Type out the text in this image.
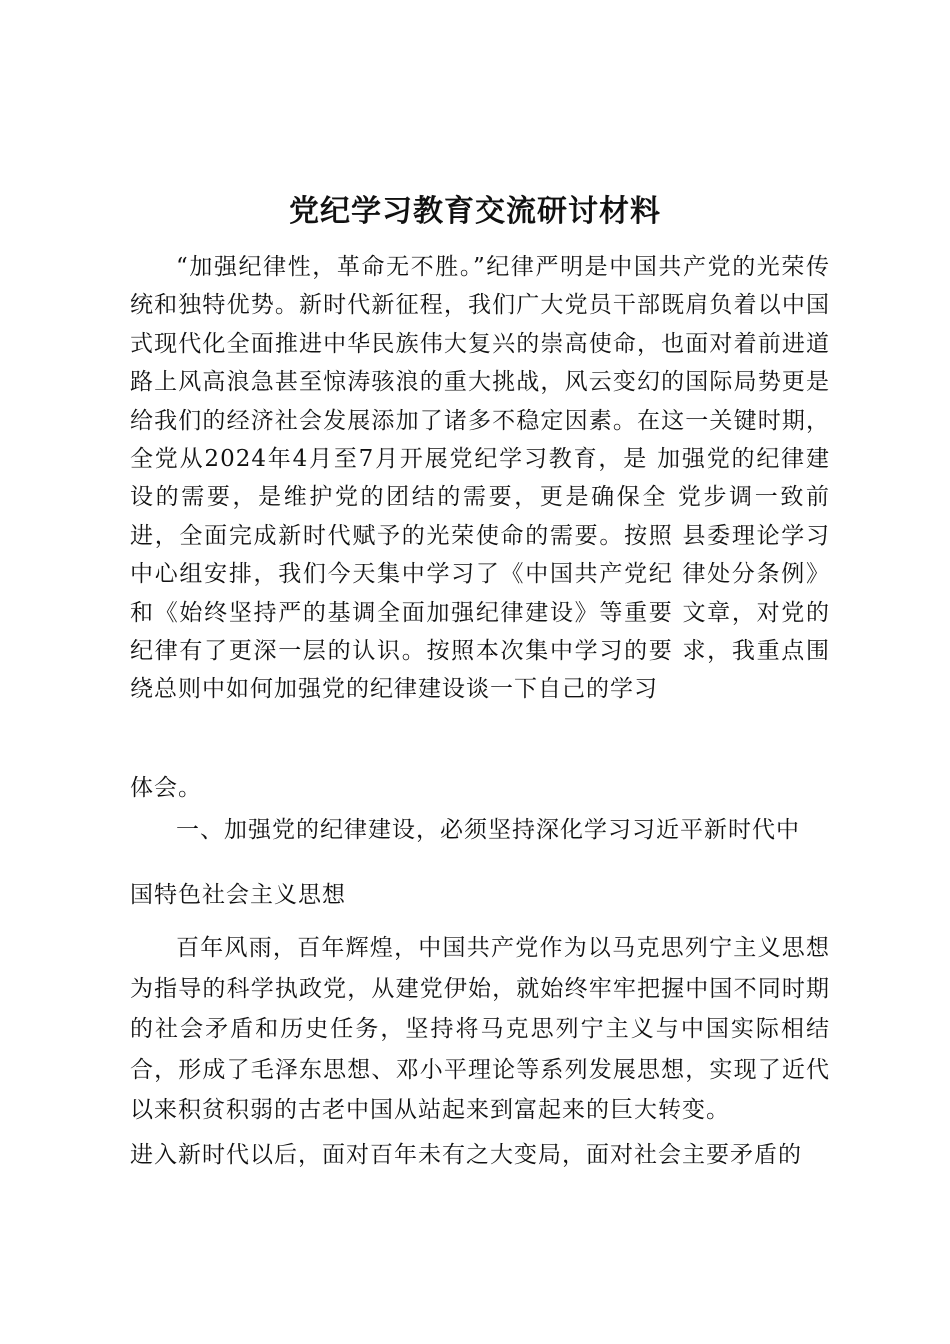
党纪学习教育交流研讨材料

“加强纪律性，革命无不胜。”纪律严明是中国共产党的光荣传统和独特优势。新时代新征程，我们广大党员干部既肩负着以中国式现代化全面推进中华民族伟大复兴的崇高使命，也面对着前进道路上风高浪急甚至惊涛骇浪的重大挑战，风云变幻的国际局势更是给我们的经济社会发展添加了诸多不稳定因素。在这一关键时期，全党从2024年4月至7月开展党纪学习教育，是 加强党的纪律建设的需要，是维护党的团结的需要，更是确保全 党步调一致前进，全面完成新时代赋予的光荣使命的需要。按照 县委理论学习中心组安排，我们今天集中学习了《中国共产党纪 律处分条例》和《始终坚持严的基调全面加强纪律建设》等重要 文章，对党的纪律有了更深一层的认识。按照本次集中学习的要 求，我重点围绕总则中如何加强党的纪律建设谈一下自己的学习

体会。

一、加强党的纪律建设，必须坚持深化学习习近平新时代中

国特色社会主义思想

百年风雨，百年辉煌，中国共产党作为以马克思列宁主义思想为指导的科学执政党，从建党伊始，就始终牢牢把握中国不同时期的社会矛盾和历史任务，坚持将马克思列宁主义与中国实际相结合，形成了毛泽东思想、邓小平理论等系列发展思想，实现了近代以来积贫积弱的古老中国从站起来到富起来的巨大转变。

进入新时代以后，面对百年未有之大变局，面对社会主要矛盾的
